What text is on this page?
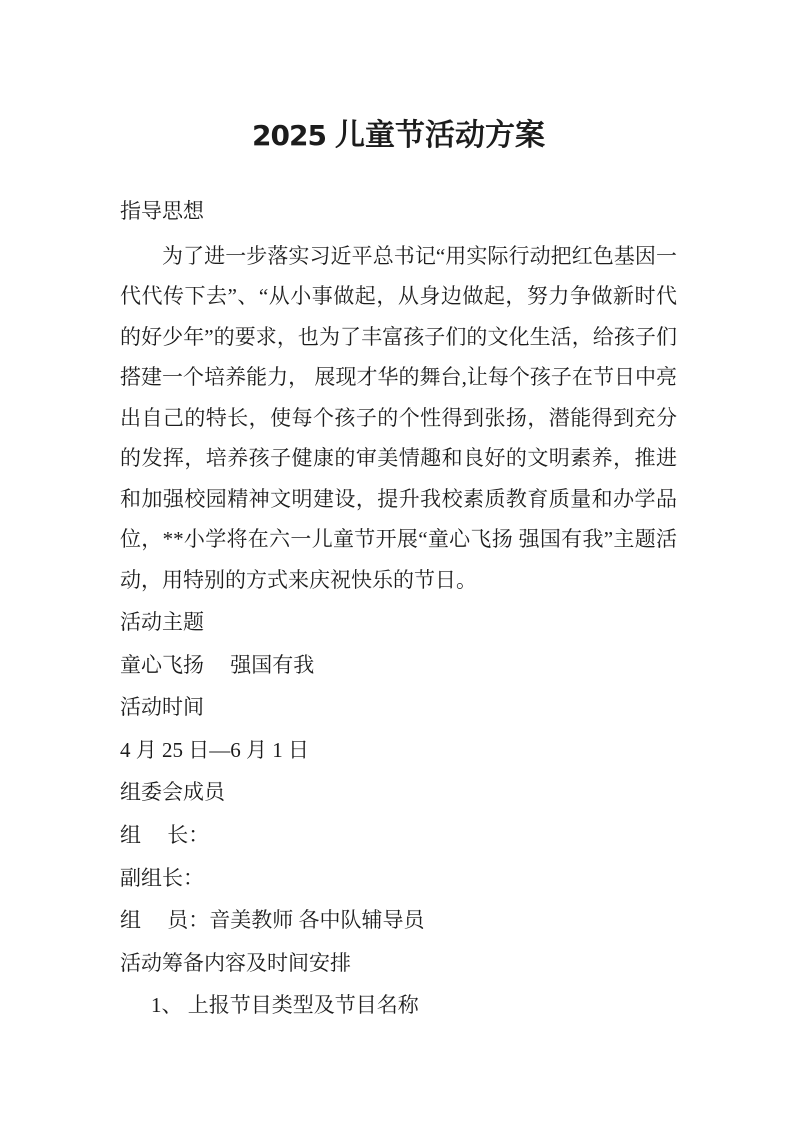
2025 儿童节活动方案

指导思想

为了进一步落实习近平总书记“用实际行动把红色基因一代代传下去”、“从小事做起，从身边做起，努力争做新时代的好少年”的要求，也为了丰富孩子们的文化生活，给孩子们搭建一个培养能力， 展现才华的舞台,让每个孩子在节日中亮出自己的特长，使每个孩子的个性得到张扬，潜能得到充分的发挥，培养孩子健康的审美情趣和良好的文明素养，推进和加强校园精神文明建设，提升我校素质教育质量和办学品位，**小学将在六一儿童节开展“童心飞扬 强国有我”主题活动，用特别的方式来庆祝快乐的节日。

活动主题

童心飞扬　 强国有我

活动时间

4 月 25 日—6 月 1 日

组委会成员

组　 长：

副组长：

组　 员：音美教师 各中队辅导员

活动筹备内容及时间安排

1、 上报节目类型及节目名称
